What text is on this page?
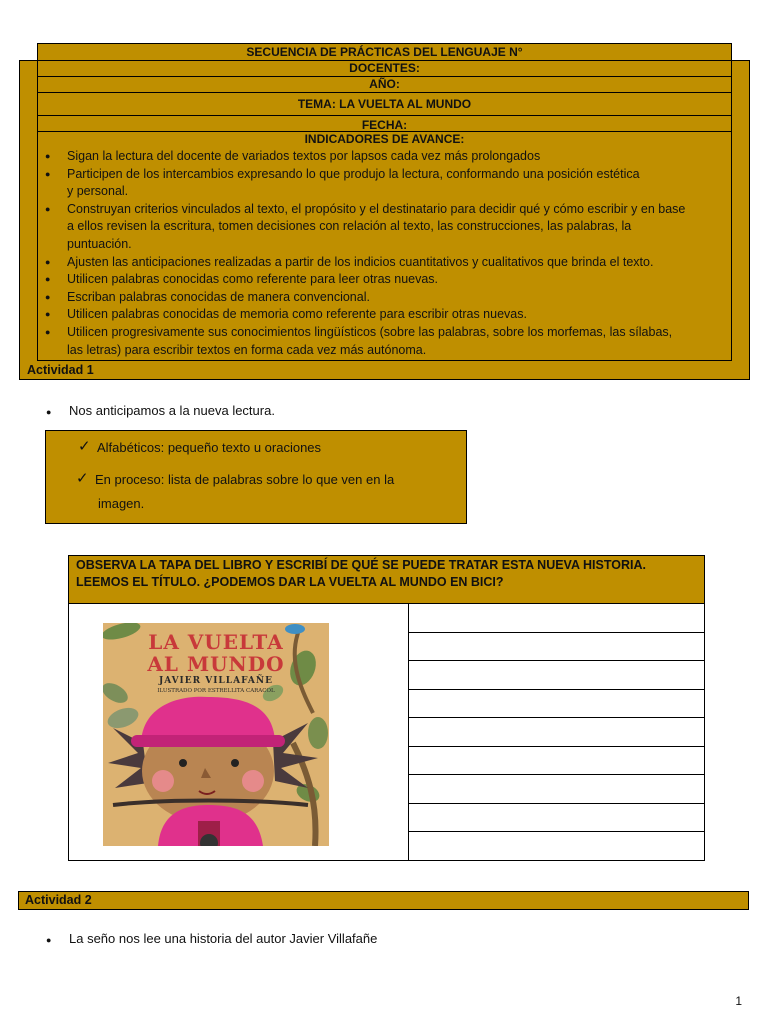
SECUENCIA DE PRÁCTICAS DEL LENGUAJE N°
DOCENTES:
AÑO:
TEMA: LA VUELTA AL MUNDO
FECHA:
INDICADORES DE AVANCE:
● Sigan la lectura del docente de variados textos por lapsos cada vez más prolongados
● Participen de los intercambios expresando lo que produjo la lectura, conformando una posición estética
y personal.
● Construyan criterios vinculados al texto, el propósito y el destinatario para decidir qué y cómo escribir y en base
a ellos revisen la escritura, tomen decisiones con relación al texto, las construcciones, las palabras, la
puntuación.
● Ajusten las anticipaciones realizadas a partir de los indicios cuantitativos y cualitativos que brinda el texto.
● Utilicen palabras conocidas como referente para leer otras nuevas.
● Escriban palabras conocidas de manera convencional.
● Utilicen palabras conocidas de memoria como referente para escribir otras nuevas.
● Utilicen progresivamente sus conocimientos lingüísticos (sobre las palabras, sobre los morfemas, las sílabas,
las letras) para escribir textos en forma cada vez más autónoma.
Actividad 1
● Nos anticipamos a la nueva lectura.
✓ Alfabéticos: pequeño texto u oraciones
✓ En proceso: lista de palabras sobre lo que ven en la
imagen.
OBSERVA LA TAPA DEL LIBRO Y ESCRIBÍ DE QUÉ SE PUEDE TRATAR ESTA NUEVA HISTORIA.
LEEMOS EL TÍTULO. ¿PODEMOS DAR LA VUELTA AL MUNDO EN BICI?
LA VUELTA
AL MUNDO
JAVIER VILLAFAÑE
ILUSTRADO POR ESTRELLITA CARACOL
Actividad 2
● La seño nos lee una historia del autor Javier Villafañe
1
